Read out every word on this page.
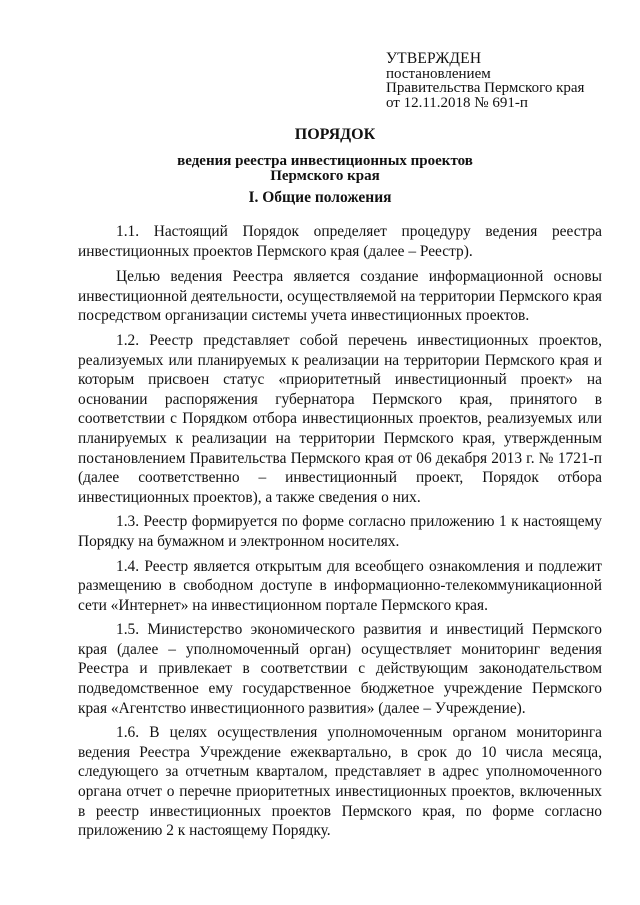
УТВЕРЖДЕН
постановлением
Правительства Пермского края
от 12.11.2018 № 691-п
ПОРЯДОК
ведения реестра инвестиционных проектов
Пермского края
I. Общие положения

1.1. Настоящий Порядок определяет процедуру ведения реестра инвестиционных проектов Пермского края (далее – Реестр).

Целью ведения Реестра является создание информационной основы инвестиционной деятельности, осуществляемой на территории Пермского края посредством организации системы учета инвестиционных проектов.

1.2. Реестр представляет собой перечень инвестиционных проектов, реализуемых или планируемых к реализации на территории Пермского края и которым присвоен статус «приоритетный инвестиционный проект» на основании распоряжения губернатора Пермского края, принятого в соответствии с Порядком отбора инвестиционных проектов, реализуемых или планируемых к реализации на территории Пермского края, утвержденным постановлением Правительства Пермского края от 06 декабря 2013 г. № 1721-п (далее соответственно – инвестиционный проект, Порядок отбора инвестиционных проектов), а также сведения о них.

1.3. Реестр формируется по форме согласно приложению 1 к настоящему Порядку на бумажном и электронном носителях.

1.4. Реестр является открытым для всеобщего ознакомления и подлежит размещению в свободном доступе в информационно-телекоммуникационной сети «Интернет» на инвестиционном портале Пермского края.

1.5. Министерство экономического развития и инвестиций Пермского края (далее – уполномоченный орган) осуществляет мониторинг ведения Реестра и привлекает в соответствии с действующим законодательством подведомственное ему государственное бюджетное учреждение Пермского края «Агентство инвестиционного развития» (далее – Учреждение).

1.6. В целях осуществления уполномоченным органом мониторинга ведения Реестра Учреждение ежеквартально, в срок до 10 числа месяца, следующего за отчетным кварталом, представляет в адрес уполномоченного органа отчет о перечне приоритетных инвестиционных проектов, включенных в реестр инвестиционных проектов Пермского края, по форме согласно приложению 2 к настоящему Порядку.
